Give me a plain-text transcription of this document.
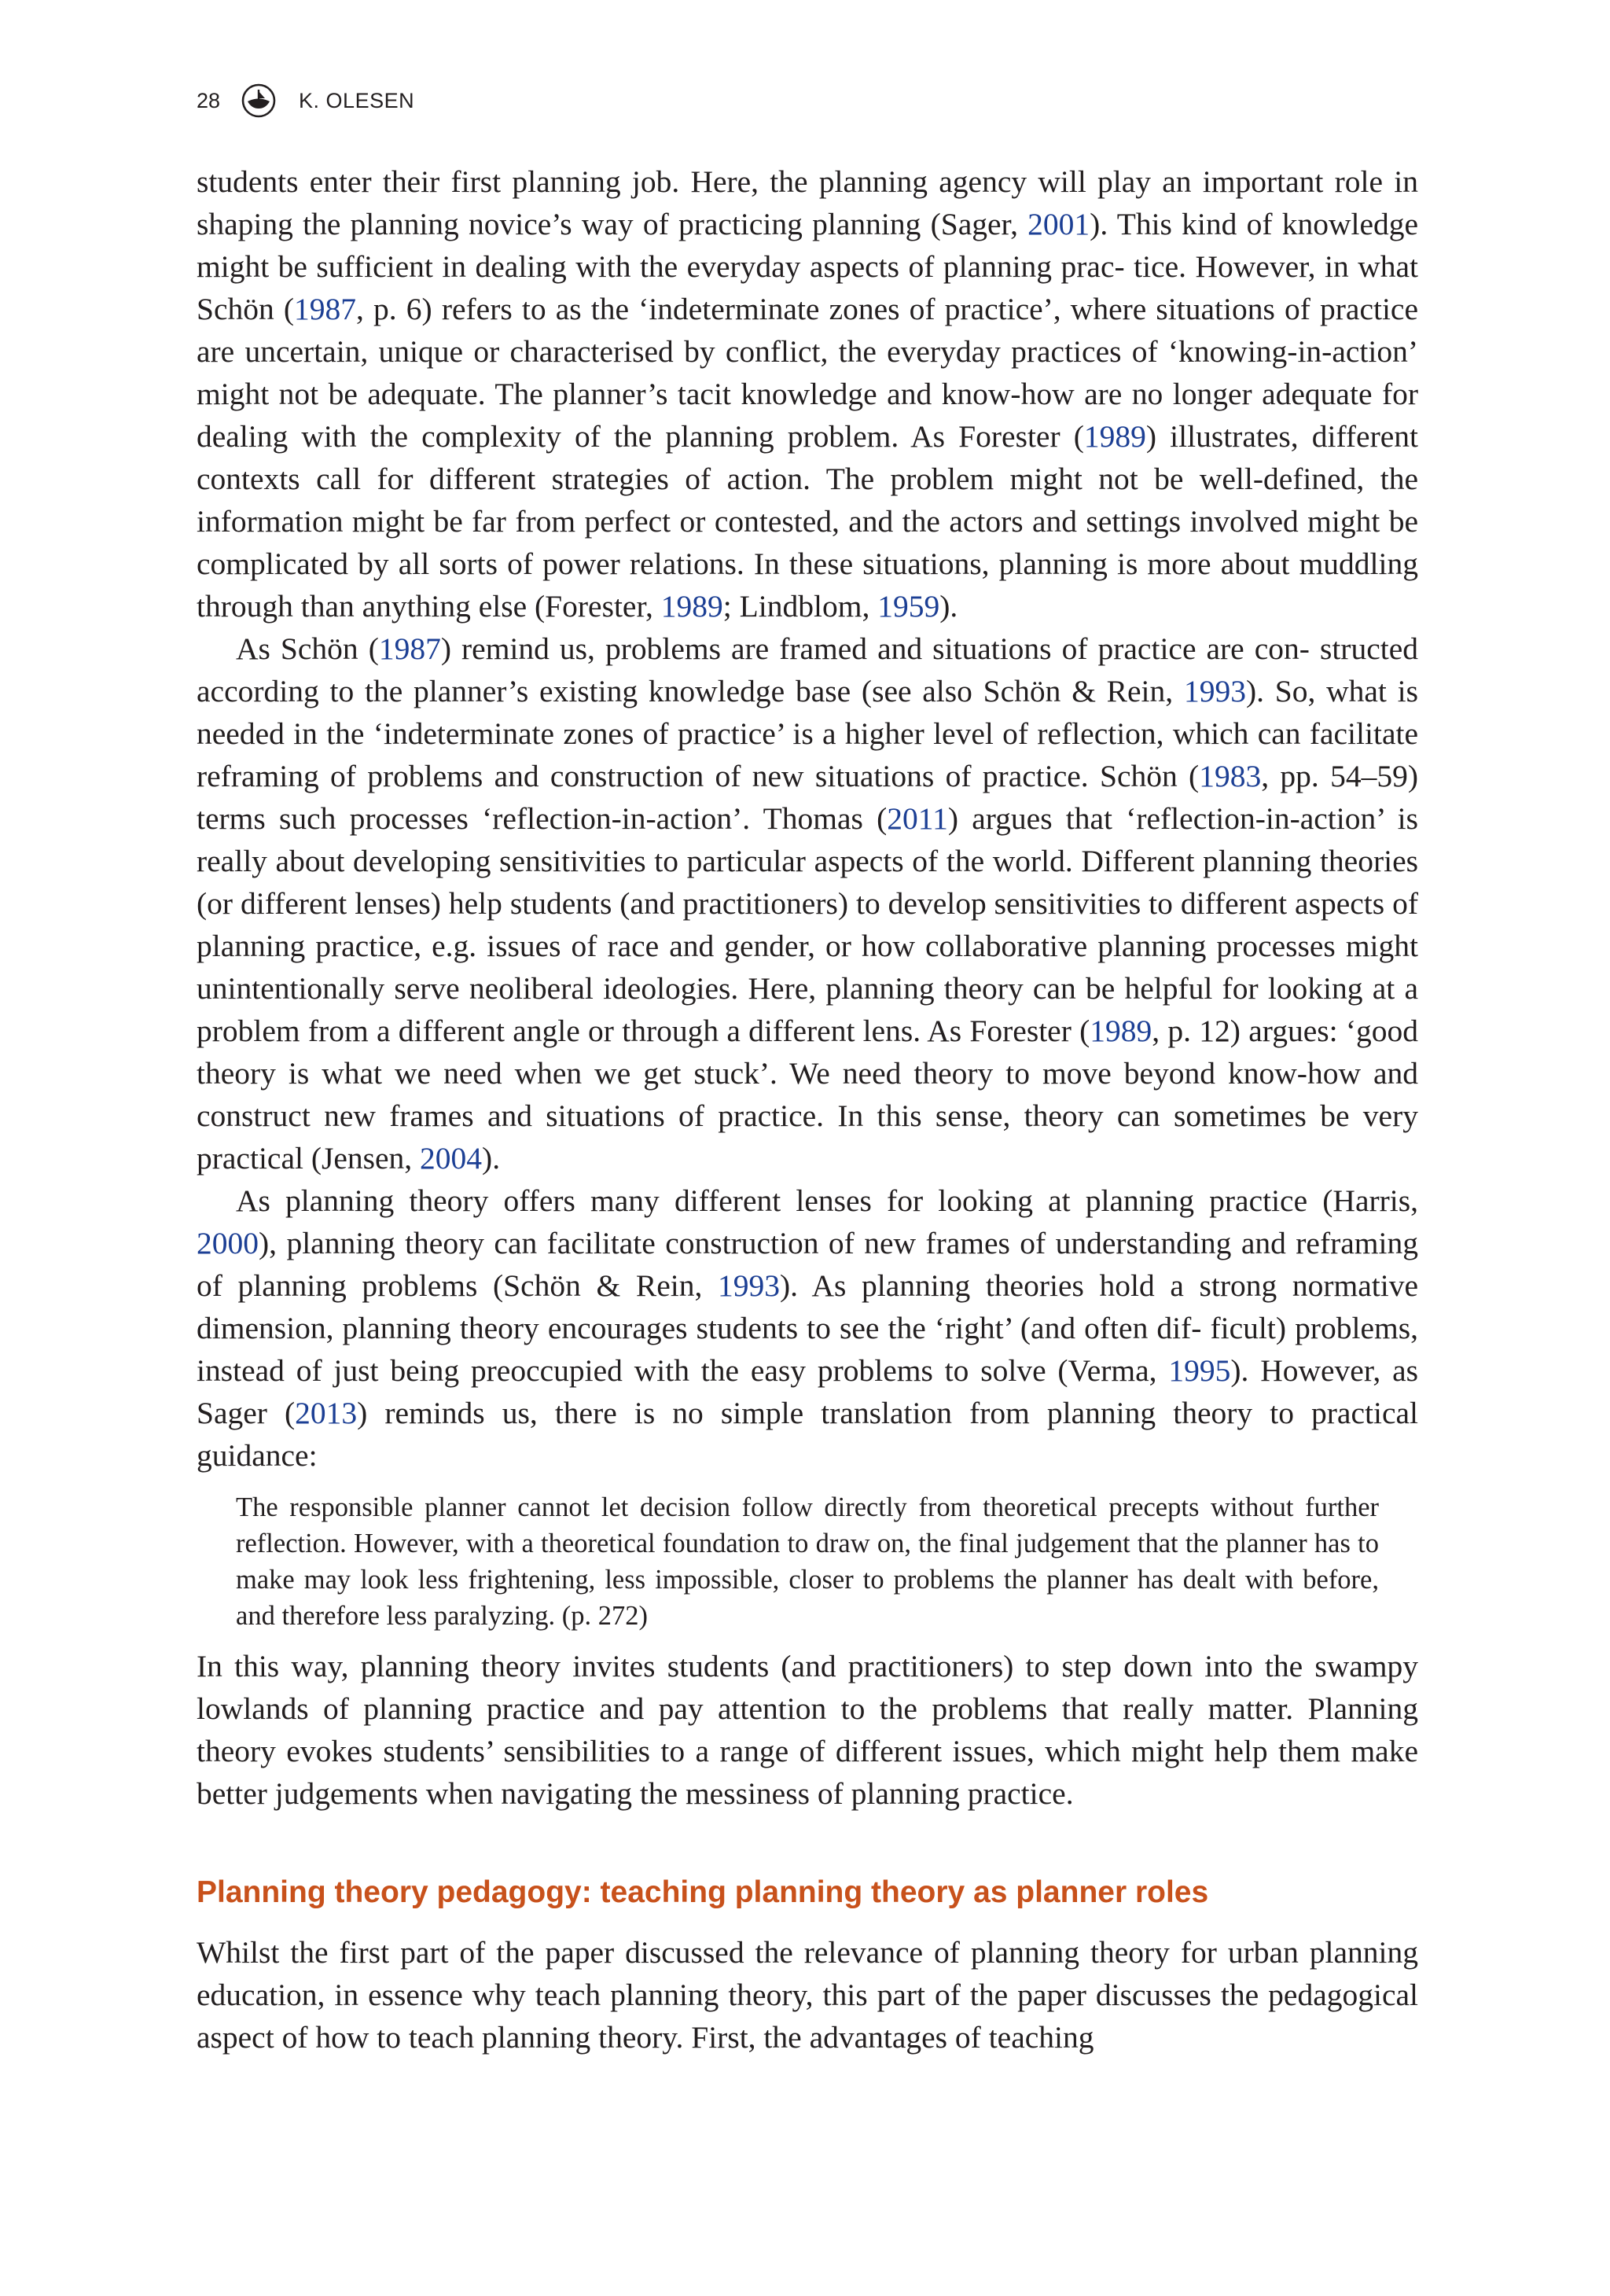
28	K. OLESEN

students enter their first planning job. Here, the planning agency will play an important role in shaping the planning novice’s way of practicing planning (Sager, 2001). This kind of knowledge might be sufficient in dealing with the everyday aspects of planning prac- tice. However, in what Schön (1987, p. 6) refers to as the ‘indeterminate zones of practice’, where situations of practice are uncertain, unique or characterised by conflict, the everyday practices of ‘knowing-in-action’ might not be adequate. The planner’s tacit knowledge and know-how are no longer adequate for dealing with the complexity of the planning problem. As Forester (1989) illustrates, different contexts call for different strategies of action. The problem might not be well-defined, the information might be far from perfect or contested, and the actors and settings involved might be complicated by all sorts of power relations. In these situations, planning is more about muddling through than anything else (Forester, 1989; Lindblom, 1959).

As Schön (1987) remind us, problems are framed and situations of practice are con- structed according to the planner’s existing knowledge base (see also Schön & Rein, 1993). So, what is needed in the ‘indeterminate zones of practice’ is a higher level of reflection, which can facilitate reframing of problems and construction of new situations of practice. Schön (1983, pp. 54–59) terms such processes ‘reflection-in-action’. Thomas (2011) argues that ‘reflection-in-action’ is really about developing sensitivities to particular aspects of the world. Different planning theories (or different lenses) help students (and practitioners) to develop sensitivities to different aspects of planning practice, e.g. issues of race and gender, or how collaborative planning processes might unintentionally serve neoliberal ideologies. Here, planning theory can be helpful for looking at a problem from a different angle or through a different lens. As Forester (1989, p. 12) argues: ‘good theory is what we need when we get stuck’. We need theory to move beyond know-how and construct new frames and situations of practice. In this sense, theory can sometimes be very practical (Jensen, 2004).

As planning theory offers many different lenses for looking at planning practice (Harris, 2000), planning theory can facilitate construction of new frames of understanding and reframing of planning problems (Schön & Rein, 1993). As planning theories hold a strong normative dimension, planning theory encourages students to see the ‘right’ (and often dif- ficult) problems, instead of just being preoccupied with the easy problems to solve (Verma, 1995). However, as Sager (2013) reminds us, there is no simple translation from planning theory to practical guidance:

The responsible planner cannot let decision follow directly from theoretical precepts without further reflection. However, with a theoretical foundation to draw on, the final judgement that the planner has to make may look less frightening, less impossible, closer to problems the planner has dealt with before, and therefore less paralyzing. (p. 272)

In this way, planning theory invites students (and practitioners) to step down into the swampy lowlands of planning practice and pay attention to the problems that really matter. Planning theory evokes students’ sensibilities to a range of different issues, which might help them make better judgements when navigating the messiness of planning practice.

Planning theory pedagogy: teaching planning theory as planner roles

Whilst the first part of the paper discussed the relevance of planning theory for urban planning education, in essence why teach planning theory, this part of the paper discusses the pedagogical aspect of how to teach planning theory. First, the advantages of teaching
